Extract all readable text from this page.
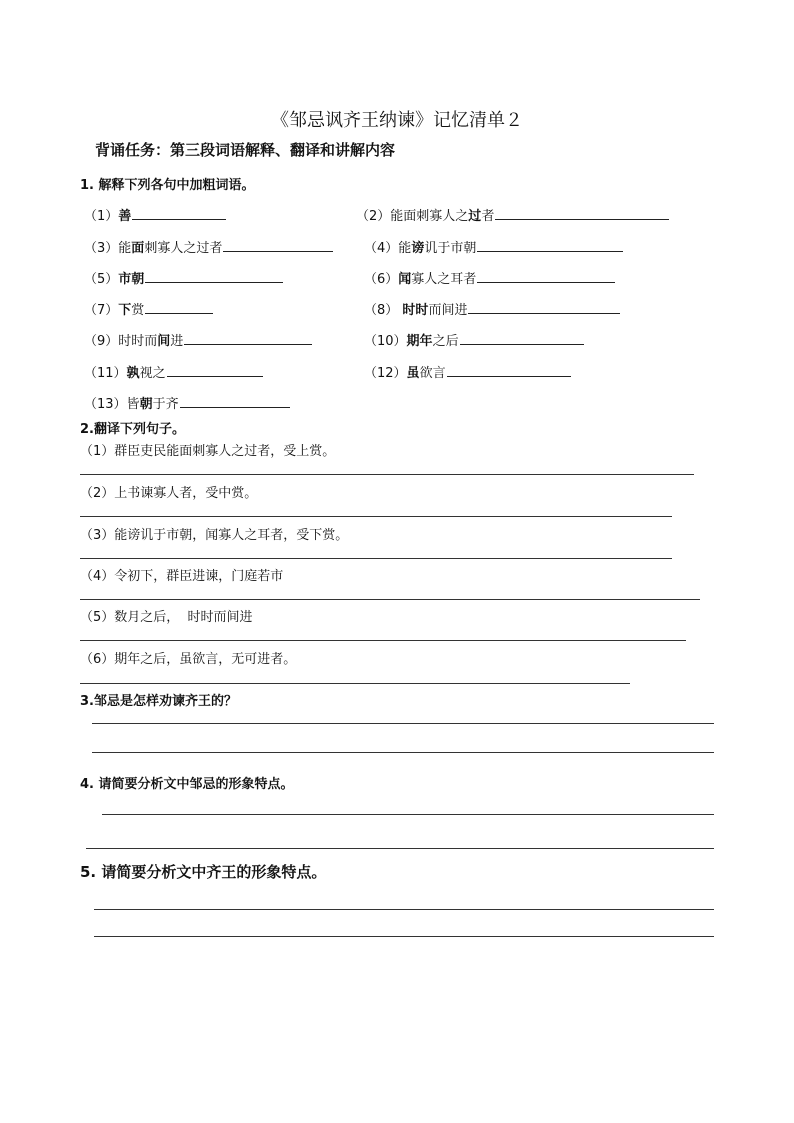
《邹忌讽齐王纳谏》记忆清单２
背诵任务：第三段词语解释、翻译和讲解内容
1. 解释下列各句中加粗词语。
（1）善	（2）能面刺寡人之过者
（3）能面刺寡人之过者	（4）能谤讥于市朝
（5）市朝	（6）闻寡人之耳者
（7）下赏	（8） 时时而间进
（9）时时而间进	（10）期年之后
（11）孰视之	（12）虽欲言
（13）皆朝于齐
2.翻译下列句子。
（1）群臣吏民能面刺寡人之过者，受上赏。
（2）上书谏寡人者，受中赏。
（3）能谤讥于市朝，闻寡人之耳者，受下赏。
（4）令初下，群臣进谏，门庭若市
（5）数月之后，  时时而间进
（6）期年之后，虽欲言，无可进者。
3.邹忌是怎样劝谏齐王的？
4. 请简要分析文中邹忌的形象特点。
5. 请简要分析文中齐王的形象特点。
